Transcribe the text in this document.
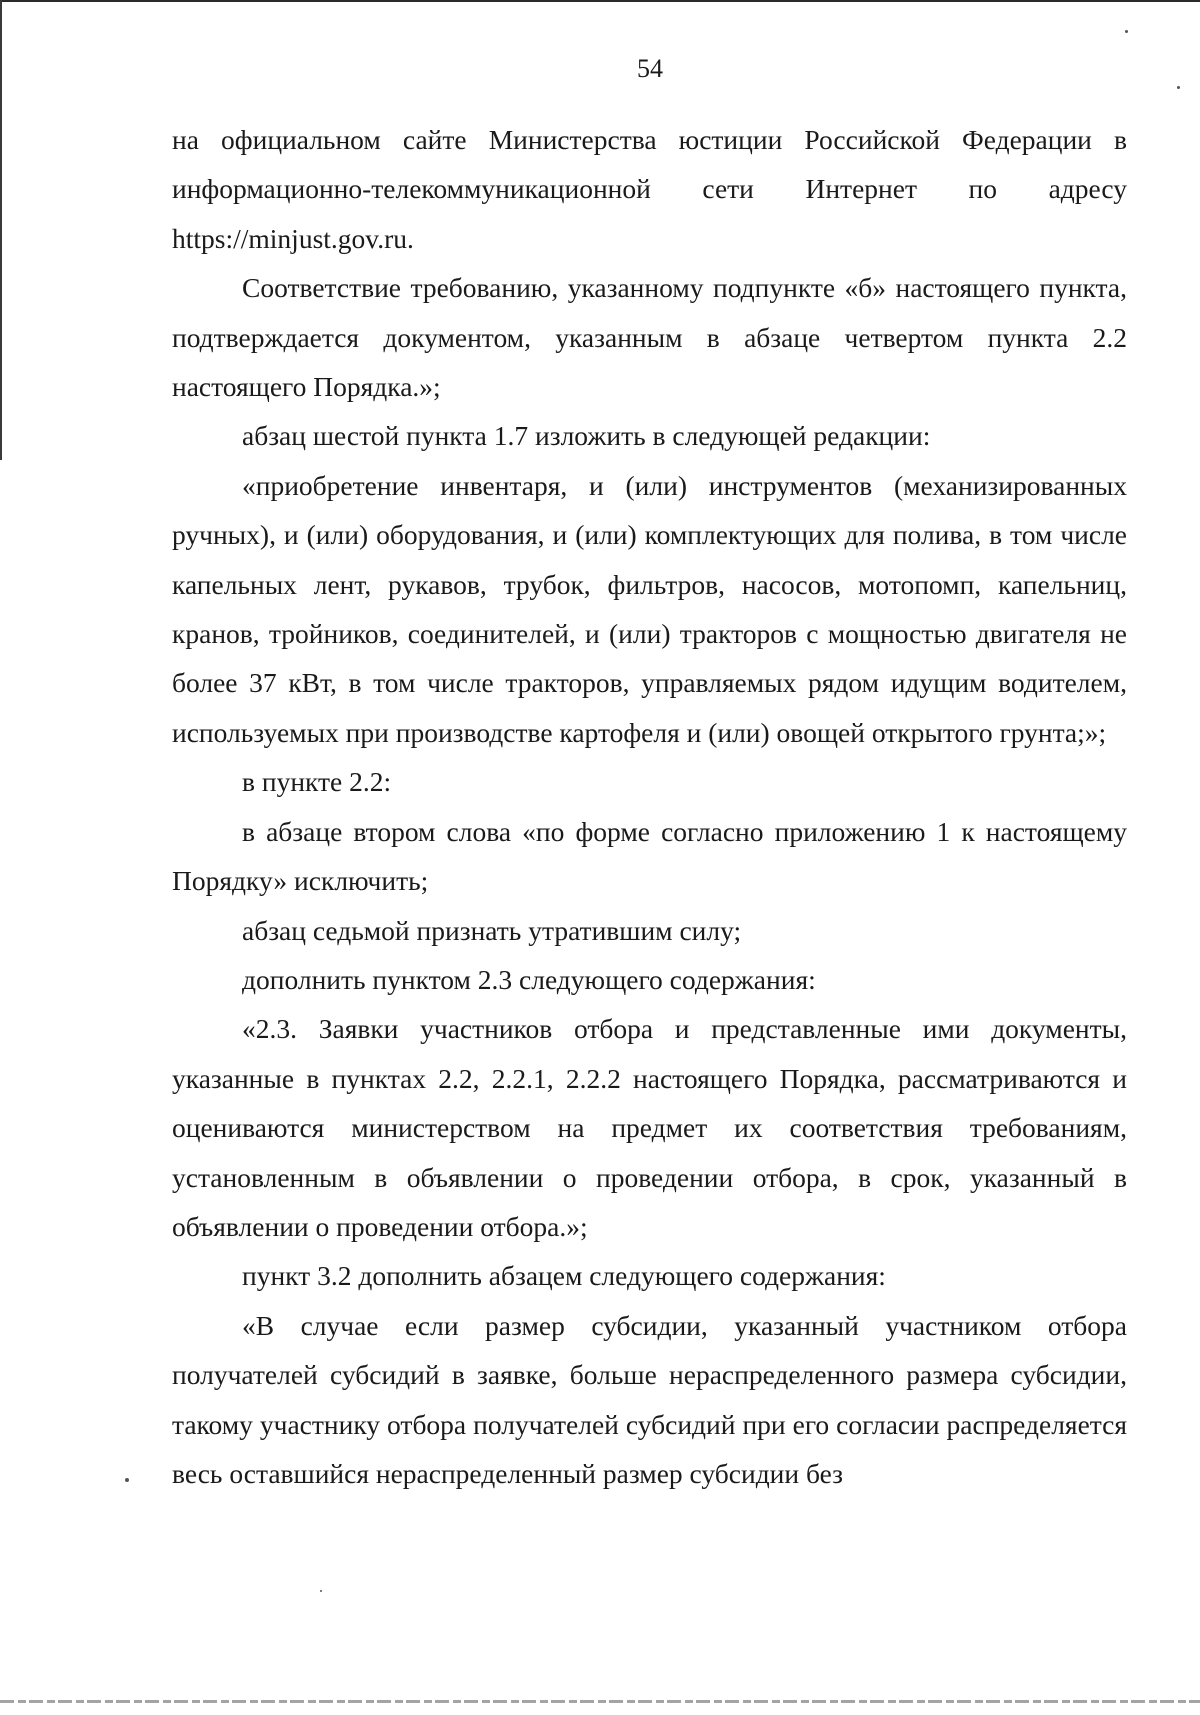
54

на официальном сайте Министерства юстиции Российской Федерации в информационно-телекоммуникационной сети Интернет по адресу https://minjust.gov.ru.

Соответствие требованию, указанному подпункте «б» настоящего пункта, подтверждается документом, указанным в абзаце четвертом пункта 2.2 настоящего Порядка.»;

абзац шестой пункта 1.7 изложить в следующей редакции:

«приобретение инвентаря, и (или) инструментов (механизированных ручных), и (или) оборудования, и (или) комплектующих для полива, в том числе капельных лент, рукавов, трубок, фильтров, насосов, мотопомп, капельниц, кранов, тройников, соединителей, и (или) тракторов с мощностью двигателя не более 37 кВт, в том числе тракторов, управляемых рядом идущим водителем, используемых при производстве картофеля и (или) овощей открытого грунта;»;

в пункте 2.2:

в абзаце втором слова «по форме согласно приложению 1 к настоящему Порядку» исключить;

абзац седьмой признать утратившим силу;

дополнить пунктом 2.3 следующего содержания:

«2.3. Заявки участников отбора и представленные ими документы, указанные в пунктах 2.2, 2.2.1, 2.2.2 настоящего Порядка, рассматриваются и оцениваются министерством на предмет их соответствия требованиям, установленным в объявлении о проведении отбора, в срок, указанный в объявлении о проведении отбора.»;

пункт 3.2 дополнить абзацем следующего содержания:

«В случае если размер субсидии, указанный участником отбора получателей субсидий в заявке, больше нераспределенного размера субсидии, такому участнику отбора получателей субсидий при его согласии распределяется весь оставшийся нераспределенный размер субсидии без
